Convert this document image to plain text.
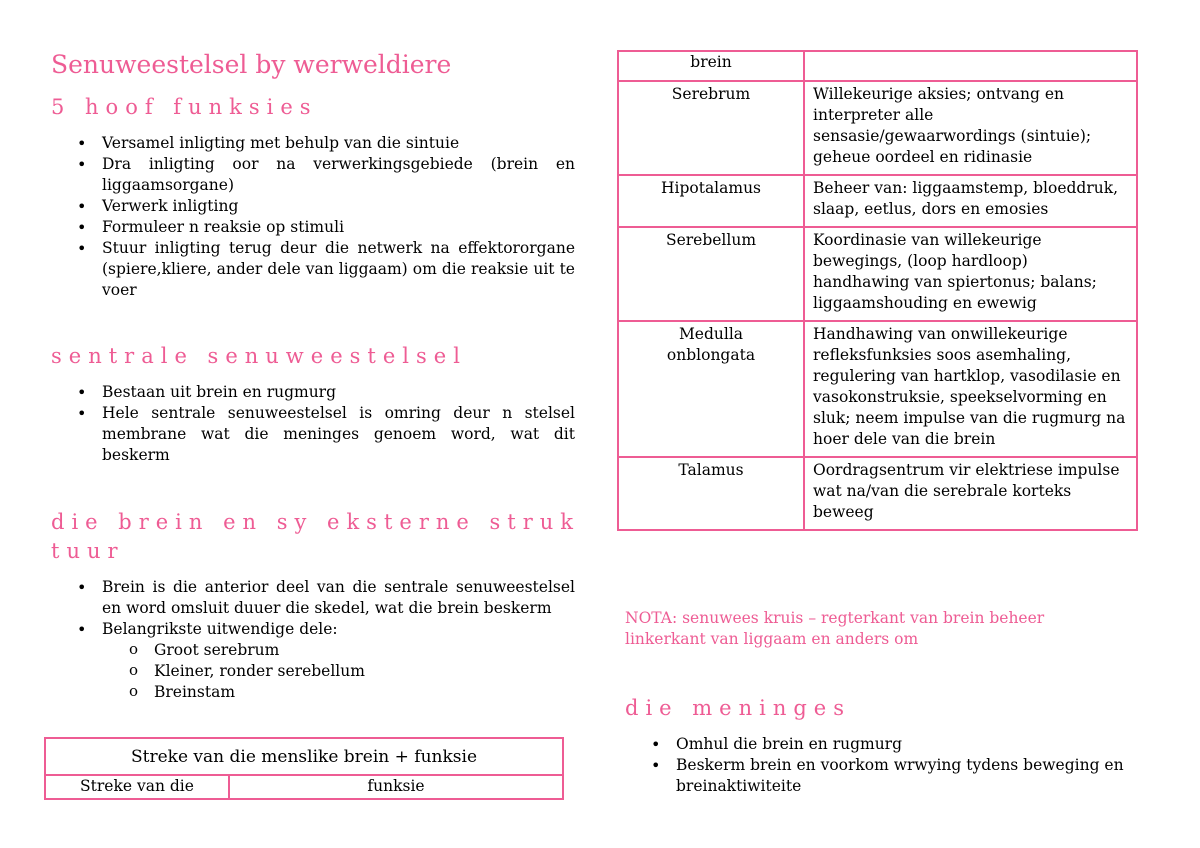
Senuweestelsel by werweldiere
5 hoof funksies
• Versamel inligting met behulp van die sintuie
• Dra inligting oor na verwerkingsgebiede (brein en liggaamsorgane)
• Verwerk inligting
• Formuleer n reaksie op stimuli
• Stuur inligting terug deur die netwerk na effektororgane (spiere,kliere, ander dele van liggaam) om die reaksie uit te voer
sentrale senuweestelsel
• Bestaan uit brein en rugmurg
• Hele sentrale senuweestelsel is omring deur n stelsel membrane wat die meninges genoem word, wat dit beskerm
die brein en sy eksterne struk
tuur
• Brein is die anterior deel van die sentrale senuweestelsel en word omsluit duuer die skedel, wat die brein beskerm
• Belangrikste uitwendige dele:
o Groot serebrum
o Kleiner, ronder serebellum
o Breinstam
Streke van die menslike brein + funksie
Streke van die	funksie
brein	
Serebrum	Willekeurige aksies; ontvang en interpreter alle sensasie/gewaarwordings (sintuie); geheue oordeel en ridinasie
Hipotalamus	Beheer van: liggaamstemp, bloeddruk, slaap, eetlus, dors en emosies
Serebellum	Koordinasie van willekeurige bewegings, (loop hardloop) handhawing van spiertonus; balans; liggaamshouding en ewewig
Medulla onblongata	Handhawing van onwillekeurige refleksfunksies soos asemhaling, regulering van hartklop, vasodilasie en vasokonstruksie, speekselvorming en sluk; neem impulse van die rugmurg na hoer dele van die brein
Talamus	Oordragsentrum vir elektriese impulse wat na/van die serebrale korteks beweeg

NOTA: senuwees kruis – regterkant van brein beheer linkerkant van liggaam en anders om

die meninges
• Omhul die brein en rugmurg
• Beskerm brein en voorkom wrwying tydens beweging en breinaktiwiteite
